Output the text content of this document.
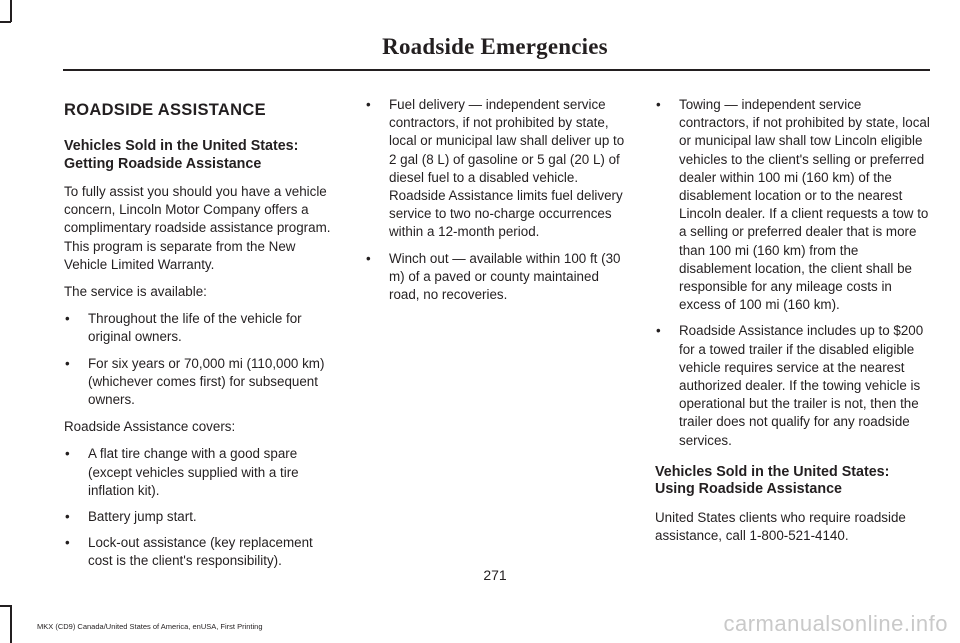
Roadside Emergencies
ROADSIDE ASSISTANCE
Vehicles Sold in the United States: Getting Roadside Assistance

To fully assist you should you have a vehicle concern, Lincoln Motor Company offers a complimentary roadside assistance program. This program is separate from the New Vehicle Limited Warranty.

The service is available:

• Throughout the life of the vehicle for original owners.
• For six years or 70,000 mi (110,000 km) (whichever comes first) for subsequent owners.

Roadside Assistance covers:

• A flat tire change with a good spare (except vehicles supplied with a tire inflation kit).
• Battery jump start.
• Lock-out assistance (key replacement cost is the client's responsibility).
• Fuel delivery — independent service contractors, if not prohibited by state, local or municipal law shall deliver up to 2 gal (8 L) of gasoline or 5 gal (20 L) of diesel fuel to a disabled vehicle. Roadside Assistance limits fuel delivery service to two no-charge occurrences within a 12-month period.
• Winch out — available within 100 ft (30 m) of a paved or county maintained road, no recoveries.
• Towing — independent service contractors, if not prohibited by state, local or municipal law shall tow Lincoln eligible vehicles to the client's selling or preferred dealer within 100 mi (160 km) of the disablement location or to the nearest Lincoln dealer. If a client requests a tow to a selling or preferred dealer that is more than 100 mi (160 km) from the disablement location, the client shall be responsible for any mileage costs in excess of 100 mi (160 km).
• Roadside Assistance includes up to $200 for a towed trailer if the disabled eligible vehicle requires service at the nearest authorized dealer. If the towing vehicle is operational but the trailer is not, then the trailer does not qualify for any roadside services.
Vehicles Sold in the United States: Using Roadside Assistance

United States clients who require roadside assistance, call 1-800-521-4140.

271
MKX (CD9) Canada/United States of America, enUSA, First Printing	carmanualsonline.info
